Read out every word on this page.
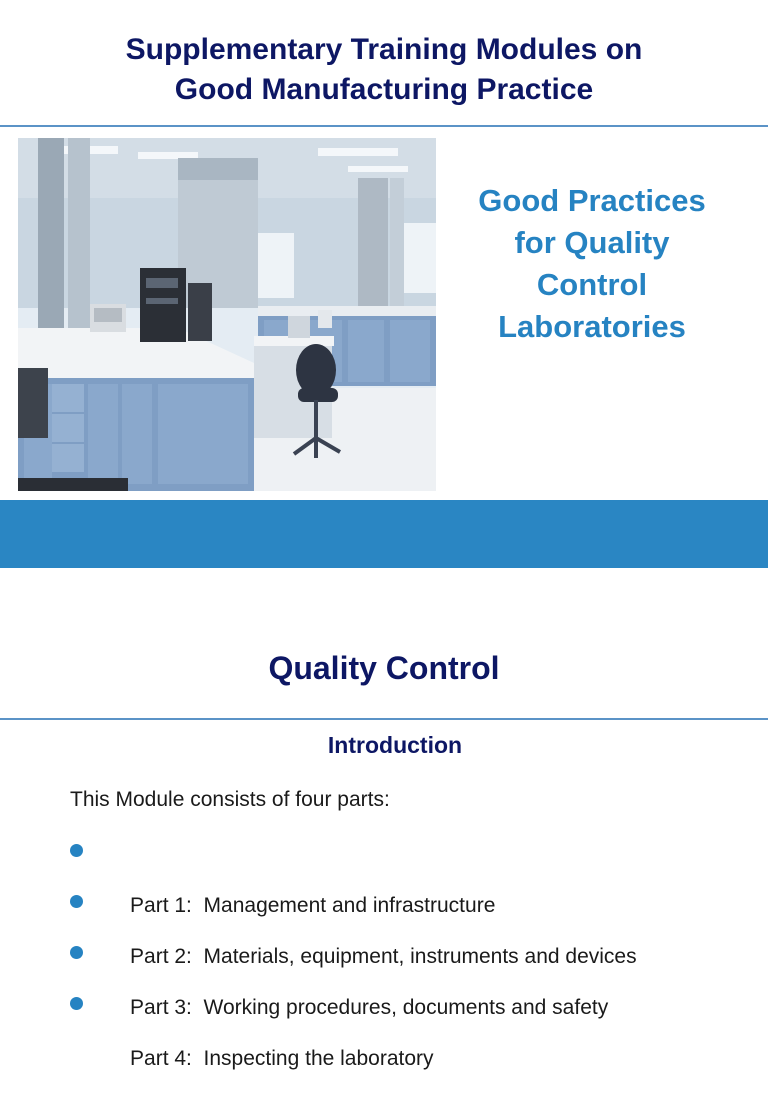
Supplementary Training Modules on
Good Manufacturing Practice
Good Practices
for Quality
Control
Laboratories
Quality Control
Introduction
This Module consists of four parts:

Part 1:  Management and infrastructure

Part 2:  Materials, equipment, instruments and devices

Part 3:  Working procedures, documents and safety

Part 4:  Inspecting the laboratory
